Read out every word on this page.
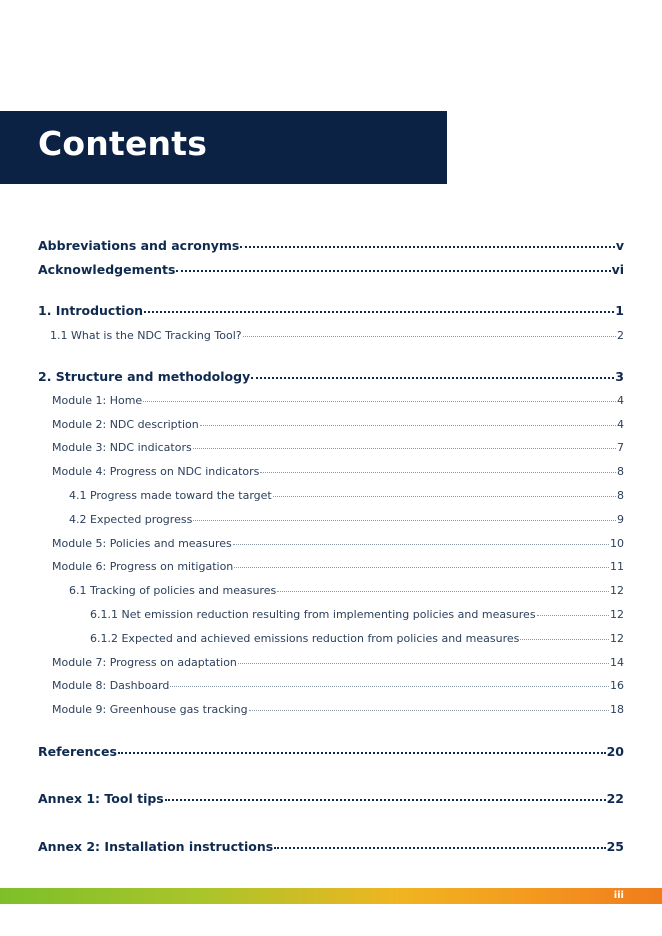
Contents
Abbreviations and acronyms	v
Acknowledgements	vi
1. Introduction	1
1.1 What is the NDC Tracking Tool?	2
2. Structure and methodology	3
Module 1: Home	4
Module 2: NDC description	4
Module 3: NDC indicators	7
Module 4: Progress on NDC indicators	8
4.1 Progress made toward the target	8
4.2 Expected progress	9
Module 5: Policies and measures	10
Module 6: Progress on mitigation	11
6.1 Tracking of policies and measures	12
6.1.1 Net emission reduction resulting from implementing policies and measures	12
6.1.2 Expected and achieved emissions reduction from policies and measures	12
Module 7: Progress on adaptation	14
Module 8: Dashboard	16
Module 9: Greenhouse gas tracking	18
References	20
Annex 1: Tool tips	22
Annex 2: Installation instructions	25
iii
